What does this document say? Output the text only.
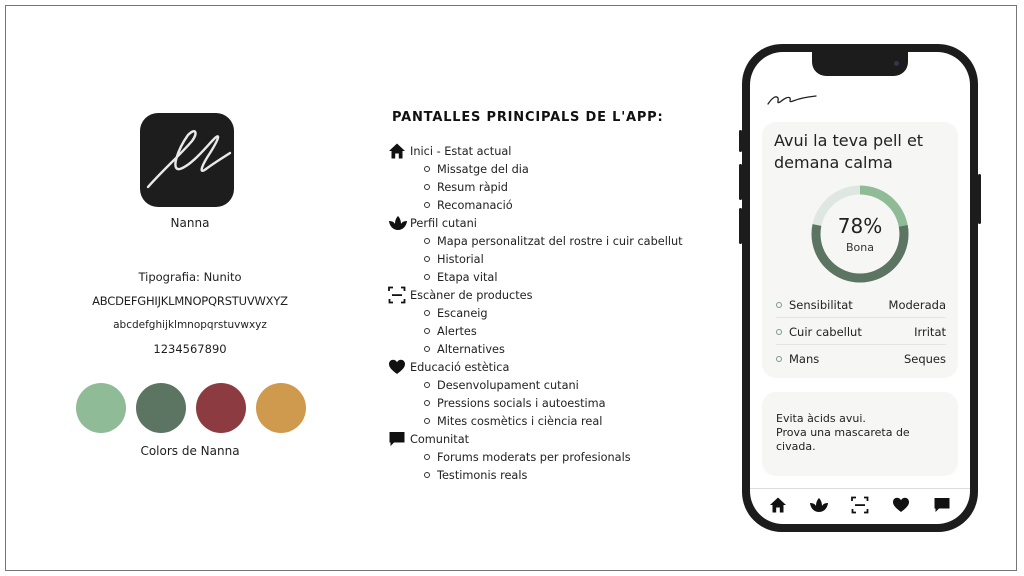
Nanna
Tipografia: Nunito
ABCDEFGHIJKLMNOPQRSTUVWXYZ
abcdefghijklmnopqrstuvwxyz
1234567890
Colors de Nanna
PANTALLES PRINCIPALS DE L'APP:
Inici - Estat actual
Missatge del dia
Resum ràpid
Recomanació
Perfil cutani
Mapa personalitzat del rostre i cuir cabellut
Historial
Etapa vital
Escàner de productes
Escaneig
Alertes
Alternatives
Educació estètica
Desenvolupament cutani
Pressions socials i autoestima
Mites cosmètics i ciència real
Comunitat
Forums moderats per profesionals
Testimonis reals
Avui la teva pell et demana calma
78%
Bona
Sensibilitat	Moderada
Cuir cabellut	Irritat
Mans	Seques
Evita àcids avui.
Prova una mascareta de civada.
